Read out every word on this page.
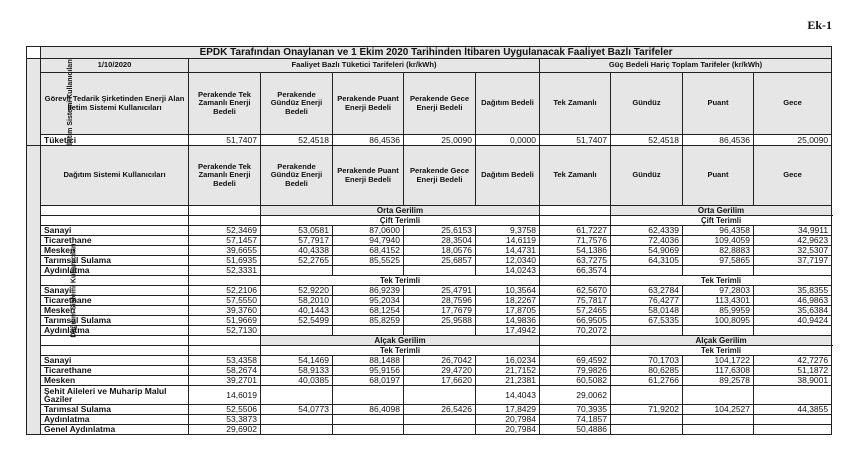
Ek-1
	EPDK Tarafından Onaylanan ve 1 Ekim 2020 Tarihinden İtibaren Uygulanacak Faaliyet Bazlı Tarifeler									
İletim Sistemi Kullanıcıları	1/10/2020	Faaliyet Bazlı Tüketici Tarifeleri (kr/kWh)					Güç Bedeli Hariç Toplam Tarifeler (kr/kWh)			
	Görevli Tedarik Şirketinden Enerji Alan İletim Sistemi Kullanıcıları	Perakende Tek Zamanlı Enerji Bedeli	Perakende Gündüz Enerji Bedeli	Perakende Puant Enerji Bedeli	Perakende Gece Enerji Bedeli	Dağıtım Bedeli	Tek Zamanlı	Gündüz	Puant	Gece
	Tüketici	51,7407	52,4518	86,4536	25,0090	0,0000	51,7407	52,4518	86,4536	25,0090
Dağıtım Sistemi Kullanıcıları	Dağıtım Sistemi Kullanıcıları	Perakende Tek Zamanlı Enerji Bedeli	Perakende Gündüz Enerji Bedeli	Perakende Puant Enerji Bedeli	Perakende Gece Enerji Bedeli	Dağıtım Bedeli	Tek Zamanlı	Gündüz	Puant	Gece
			Orta Gerilim					Orta Gerilim		
			Çift Terimli					Çift Terimli		
	Sanayi	52,3469	53,0581	87,0600	25,6153	9,3758	61,7227	62,4339	96,4358	34,9911
	Ticarethane	57,1457	57,7917	94,7940	28,3504	14,6119	71,7576	72,4036	109,4059	42,9623
	Mesken	39,6655	40,4338	68,4152	18,0576	14,4731	54,1386	54,9069	82,8883	32,5307
	Tarımsal Sulama	51,6935	52,2765	85,5525	25,6857	12,0340	63,7275	64,3105	97,5865	37,7197
	Aydınlatma	52,3331				14,0243	66,3574			
			Tek Terimli					Tek Terimli		
	Sanayi	52,2106	52,9220	86,9239	25,4791	10,3564	62,5670	63,2784	97,2803	35,8355
	Ticarethane	57,5550	58,2010	95,2034	28,7596	18,2267	75,7817	76,4277	113,4301	46,9863
	Mesken	39,3760	40,1443	68,1254	17,7679	17,8705	57,2465	58,0148	85,9959	35,6384
	Tarımsal Sulama	51,9669	52,5499	85,8259	25,9588	14,9836	66,9505	67,5335	100,8095	40,9424
	Aydınlatma	52,7130				17,4942	70,2072			
			Alçak Gerilim					Alçak Gerilim		
			Tek Terimli					Tek Terimli		
	Sanayi	53,4358	54,1469	88,1488	26,7042	16,0234	69,4592	70,1703	104,1722	42,7276
	Ticarethane	58,2674	58,9133	95,9156	29,4720	21,7152	79,9826	80,6285	117,6308	51,1872
	Mesken	39,2701	40,0385	68,0197	17,6620	21,2381	60,5082	61,2766	89,2578	38,9001
	Şehit Aileleri ve Muharip Malul Gaziler	14,6019				14,4043	29,0062			
	Tarımsal Sulama	52,5506	54,0773	86,4098	26,5426	17,8429	70,3935	71,9202	104,2527	44,3855
	Aydınlatma	53,3873				20,7984	74,1857			
	Genel Aydınlatma	29,6902				20,7984	50,4886			
